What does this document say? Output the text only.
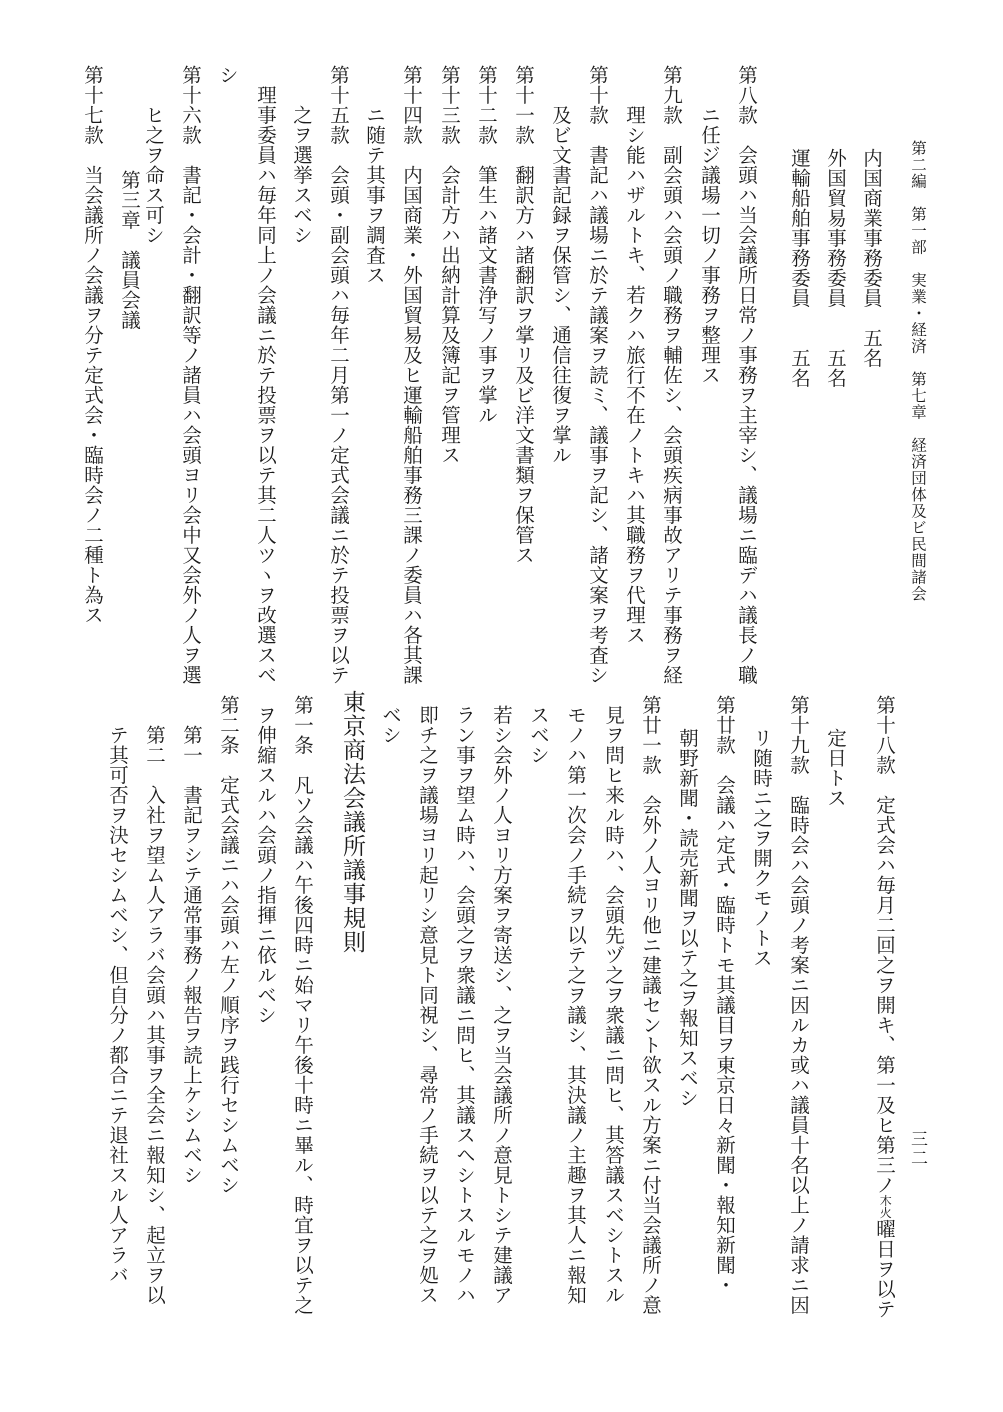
第二編　第一部　実業・経済　第七章　経済団体及ビ民間諸会
三二
内国商業事務委員　五名
外国貿易事務委員　　五名
運輸船舶事務委員　　五名
第八款　会頭ハ当会議所日常ノ事務ヲ主宰シ、議場ニ臨デハ議長ノ職
ニ任ジ議場一切ノ事務ヲ整理ス
第九款　副会頭ハ会頭ノ職務ヲ輔佐シ、会頭疾病事故アリテ事務ヲ経
理シ能ハザルトキ、若クハ旅行不在ノトキハ其職務ヲ代理ス
第十款　書記ハ議場ニ於テ議案ヲ読ミ、議事ヲ記シ、諸文案ヲ考査シ
及ビ文書記録ヲ保管シ、通信往復ヲ掌ル
第十一款　翻訳方ハ諸翻訳ヲ掌リ及ビ洋文書類ヲ保管ス
第十二款　筆生ハ諸文書浄写ノ事ヲ掌ル
第十三款　会計方ハ出納計算及簿記ヲ管理ス
第十四款　内国商業・外国貿易及ヒ運輸船舶事務三課ノ委員ハ各其課
ニ随テ其事ヲ調査ス
第十五款　会頭・副会頭ハ毎年二月第一ノ定式会議ニ於テ投票ヲ以テ
之ヲ選挙スベシ
理事委員ハ毎年同上ノ会議ニ於テ投票ヲ以テ其二人ツヽヲ改選スベ
シ
第十六款　書記・会計・翻訳等ノ諸員ハ会頭ヨリ会中又会外ノ人ヲ選
ヒ之ヲ命ス可シ
第三章　議員会議
第十七款　当会議所ノ会議ヲ分テ定式会・臨時会ノ二種ト為ス
第十八款　定式会ハ毎月二回之ヲ開キ、第一及ヒ第三ノ
木
火
曜日ヲ以テ
定日トス
第十九款　臨時会ハ会頭ノ考案ニ因ルカ或ハ議員十名以上ノ請求ニ因
リ随時ニ之ヲ開クモノトス
第廿款　会議ハ定式・臨時トモ其議目ヲ東京日々新聞・報知新聞・
朝野新聞・読売新聞ヲ以テ之ヲ報知スベシ
第廿一款　会外ノ人ヨリ他ニ建議セント欲スル方案ニ付当会議所ノ意
見ヲ問ヒ来ル時ハ、会頭先ヅ之ヲ衆議ニ問ヒ、其答議スベシトスル
モノハ第一次会ノ手続ヲ以テ之ヲ議シ、其決議ノ主趣ヲ其人ニ報知
スベシ
若シ会外ノ人ヨリ方案ヲ寄送シ、之ヲ当会議所ノ意見トシテ建議ア
ラン事ヲ望ム時ハ、会頭之ヲ衆議ニ問ヒ、其議スヘシトスルモノハ
即チ之ヲ議場ヨリ起リシ意見ト同視シ、尋常ノ手続ヲ以テ之ヲ処ス
ベシ
東京商法会議所議事規則
第一条　凡ソ会議ハ午後四時ニ始マリ午後十時ニ畢ル、時宜ヲ以テ之
ヲ伸縮スルハ会頭ノ指揮ニ依ルベシ
第二条　定式会議ニハ会頭ハ左ノ順序ヲ践行セシムベシ
第一　書記ヲシテ通常事務ノ報告ヲ読上ケシムベシ
第二　入社ヲ望ム人アラバ会頭ハ其事ヲ全会ニ報知シ、起立ヲ以
テ其可否ヲ決セシムベシ、但自分ノ都合ニテ退社スル人アラバ
